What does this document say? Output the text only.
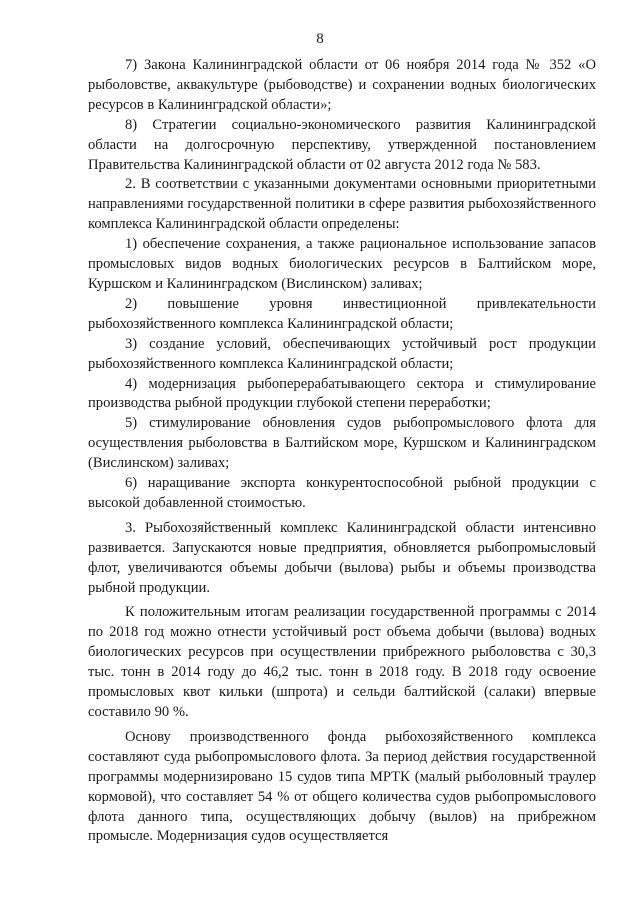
8

7) Закона Калининградской области от 06 ноября 2014 года № 352 «О рыболовстве, аквакультуре (рыбоводстве) и сохранении водных биологических ресурсов в Калининградской области»;

8) Стратегии социально-экономического развития Калининградской области на долгосрочную перспективу, утвержденной постановлением Правительства Калининградской области от 02 августа 2012 года № 583.

2. В соответствии с указанными документами основными приоритетными направлениями государственной политики в сфере развития рыбохозяйственного комплекса Калининградской области определены:

1) обеспечение сохранения, а также рациональное использование запасов промысловых видов водных биологических ресурсов в Балтийском море, Куршском и Калининградском (Вислинском) заливах;

2) повышение уровня инвестиционной привлекательности рыбохозяйственного комплекса Калининградской области;

3) создание условий, обеспечивающих устойчивый рост продукции рыбохозяйственного комплекса Калининградской области;

4) модернизация рыбоперерабатывающего сектора и стимулирование производства рыбной продукции глубокой степени переработки;

5) стимулирование обновления судов рыбопромыслового флота для осуществления рыболовства в Балтийском море, Куршском и Калининградском (Вислинском) заливах;

6) наращивание экспорта конкурентоспособной рыбной продукции с высокой добавленной стоимостью.

3. Рыбохозяйственный комплекс Калининградской области интенсивно развивается. Запускаются новые предприятия, обновляется рыбопромысловый флот, увеличиваются объемы добычи (вылова) рыбы и объемы производства рыбной продукции.

К положительным итогам реализации государственной программы с 2014 по 2018 год можно отнести устойчивый рост объема добычи (вылова) водных биологических ресурсов при осуществлении прибрежного рыболовства с 30,3 тыс. тонн в 2014 году до 46,2 тыс. тонн в 2018 году. В 2018 году освоение промысловых квот кильки (шпрота) и сельди балтийской (салаки) впервые составило 90 %.

Основу производственного фонда рыбохозяйственного комплекса составляют суда рыбопромыслового флота. За период действия государственной программы модернизировано 15 судов типа МРТК (малый рыболовный траулер кормовой), что составляет 54 % от общего количества судов рыбопромыслового флота данного типа, осуществляющих добычу (вылов) на прибрежном промысле. Модернизация судов осуществляется
